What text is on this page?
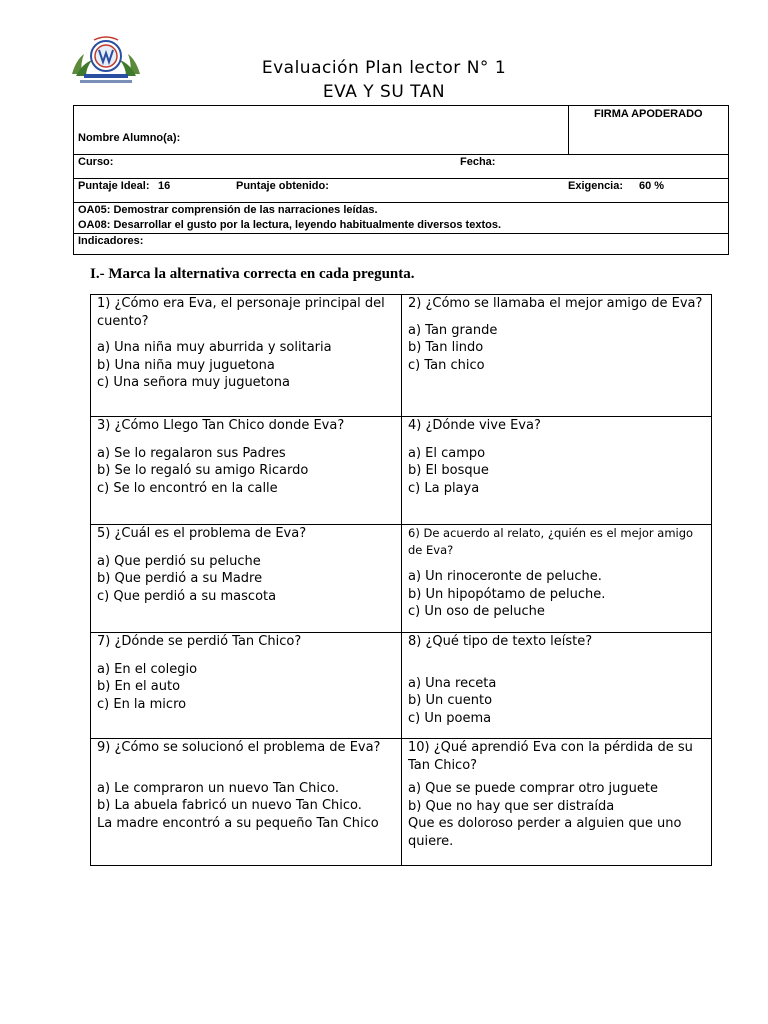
Evaluación Plan lector N° 1
EVA Y SU TAN
FIRMA APODERADO
Nombre Alumno(a):
Curso:	Fecha:
Puntaje Ideal: 16	Puntaje obtenido:	Exigencia: 60 %
OA05: Demostrar comprensión de las narraciones leídas.
OA08: Desarrollar el gusto por la lectura, leyendo habitualmente diversos textos.
Indicadores:
I.- Marca la alternativa correcta en cada pregunta.
1) ¿Cómo era Eva, el personaje principal del cuento?
a) Una niña muy aburrida y solitaria
b) Una niña muy juguetona
c) Una señora muy juguetona
2) ¿Cómo se llamaba el mejor amigo de Eva?
a) Tan grande
b) Tan lindo
c) Tan chico
3) ¿Cómo Llego Tan Chico donde Eva?
a) Se lo regalaron sus Padres
b) Se lo regaló su amigo Ricardo
c) Se lo encontró en la calle
4) ¿Dónde vive Eva?
a) El campo
b) El bosque
c) La playa
5) ¿Cuál es el problema de Eva?
a) Que perdió su peluche
b) Que perdió a su Madre
c) Que perdió a su mascota
6) De acuerdo al relato, ¿quién es el mejor amigo de Eva?
a) Un rinoceronte de peluche.
b) Un hipopótamo de peluche.
c) Un oso de peluche
7) ¿Dónde se perdió Tan Chico?
a) En el colegio
b) En el auto
c) En la micro
8) ¿Qué tipo de texto leíste?
a) Una receta
b) Un cuento
c) Un poema
9) ¿Cómo se solucionó el problema de Eva?
a) Le compraron un nuevo Tan Chico.
b) La abuela fabricó un nuevo Tan Chico.
La madre encontró a su pequeño Tan Chico
10) ¿Qué aprendió Eva con la pérdida de su Tan Chico?
a) Que se puede comprar otro juguete
b) Que no hay que ser distraída
Que es doloroso perder a alguien que uno quiere.
